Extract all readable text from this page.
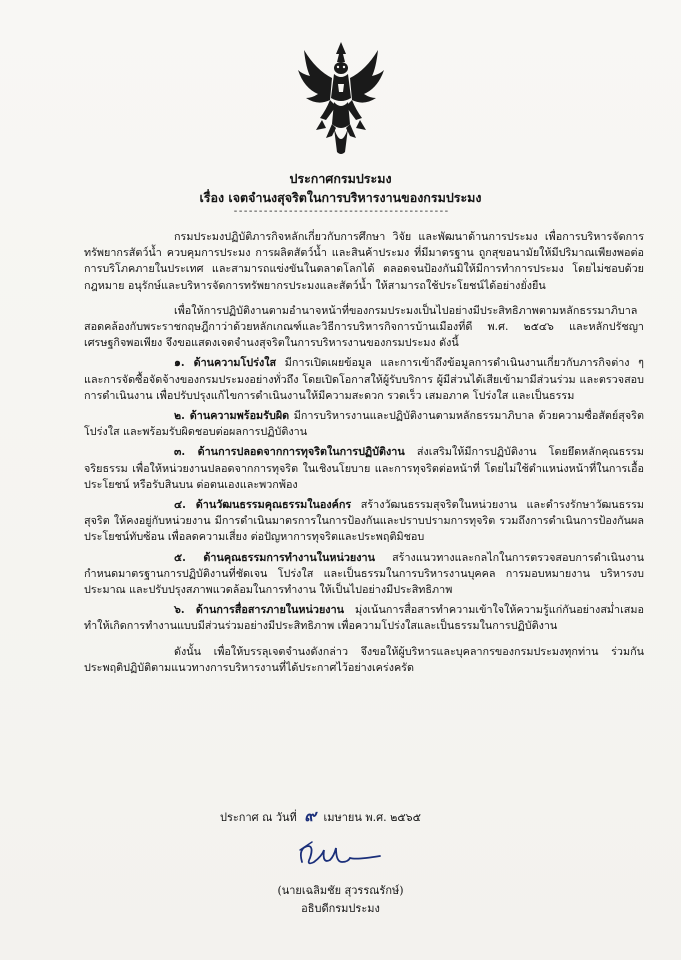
ประกาศกรมประมง
เรื่อง เจตจำนงสุจริตในการบริหารงานของกรมประมง
-------------------------------------------
กรมประมงปฏิบัติภารกิจหลักเกี่ยวกับการศึกษา วิจัย และพัฒนาด้านการประมง เพื่อการบริหารจัดการทรัพยากรสัตว์น้ำ ควบคุมการประมง การผลิตสัตว์น้ำ และสินค้าประมง ที่มีมาตรฐาน ถูกสุขอนามัยให้มีปริมาณเพียงพอต่อการบริโภคภายในประเทศ และสามารถแข่งขันในตลาดโลกได้ ตลอดจนป้องกันมิให้มีการทำการประมง โดยไม่ชอบด้วยกฎหมาย อนุรักษ์และบริหารจัดการทรัพยากรประมงและสัตว์น้ำ ให้สามารถใช้ประโยชน์ได้อย่างยั่งยืน
เพื่อให้การปฏิบัติงานตามอำนาจหน้าที่ของกรมประมงเป็นไปอย่างมีประสิทธิภาพตามหลักธรรมาภิบาล สอดคล้องกับพระราชกฤษฎีกาว่าด้วยหลักเกณฑ์และวิธีการบริหารกิจการบ้านเมืองที่ดี พ.ศ. ๒๕๔๖ และหลักปรัชญาเศรษฐกิจพอเพียง จึงขอแสดงเจตจำนงสุจริตในการบริหารงานของกรมประมง ดังนี้
๑. ด้านความโปร่งใส มีการเปิดเผยข้อมูล และการเข้าถึงข้อมูลการดำเนินงานเกี่ยวกับภารกิจต่าง ๆ และการจัดซื้อจัดจ้างของกรมประมงอย่างทั่วถึง โดยเปิดโอกาสให้ผู้รับบริการ ผู้มีส่วนได้เสียเข้ามามีส่วนร่วม และตรวจสอบการดำเนินงาน เพื่อปรับปรุงแก้ไขการดำเนินงานให้มีความสะดวก รวดเร็ว เสมอภาค โปร่งใส และเป็นธรรม
๒. ด้านความพร้อมรับผิด มีการบริหารงานและปฏิบัติงานตามหลักธรรมาภิบาล ด้วยความซื่อสัตย์สุจริต โปร่งใส และพร้อมรับผิดชอบต่อผลการปฏิบัติงาน
๓. ด้านการปลอดจากการทุจริตในการปฏิบัติงาน ส่งเสริมให้มีการปฏิบัติงาน โดยยึดหลักคุณธรรม จริยธรรม เพื่อให้หน่วยงานปลอดจากการทุจริต ในเชิงนโยบาย และการทุจริตต่อหน้าที่ โดยไม่ใช้ตำแหน่งหน้าที่ในการเอื้อประโยชน์ หรือรับสินบน ต่อตนเองและพวกพ้อง
๔. ด้านวัฒนธรรมคุณธรรมในองค์กร สร้างวัฒนธรรมสุจริตในหน่วยงาน และดำรงรักษาวัฒนธรรมสุจริต ให้คงอยู่กับหน่วยงาน มีการดำเนินมาตรการในการป้องกันและปราบปรามการทุจริต รวมถึงการดำเนินการป้องกันผลประโยชน์ทับซ้อน เพื่อลดความเสี่ยง ต่อปัญหาการทุจริตและประพฤติมิชอบ
๕. ด้านคุณธรรมการทำงานในหน่วยงาน สร้างแนวทางและกลไกในการตรวจสอบการดำเนินงาน กำหนดมาตรฐานการปฏิบัติงานที่ชัดเจน โปร่งใส และเป็นธรรมในการบริหารงานบุคคล การมอบหมายงาน บริหารงบประมาณ และปรับปรุงสภาพแวดล้อมในการทำงาน ให้เป็นไปอย่างมีประสิทธิภาพ
๖. ด้านการสื่อสารภายในหน่วยงาน มุ่งเน้นการสื่อสารทำความเข้าใจให้ความรู้แก่กันอย่างสม่ำเสมอ ทำให้เกิดการทำงานแบบมีส่วนร่วมอย่างมีประสิทธิภาพ เพื่อความโปร่งใสและเป็นธรรมในการปฏิบัติงาน
ดังนั้น เพื่อให้บรรลุเจตจำนงดังกล่าว จึงขอให้ผู้บริหารและบุคลากรของกรมประมงทุกท่าน ร่วมกันประพฤติปฏิบัติตามแนวทางการบริหารงานที่ได้ประกาศไว้อย่างเคร่งครัด
ประกาศ ณ วันที่ ๙ เมษายน พ.ศ. ๒๕๖๕
(นายเฉลิมชัย สุวรรณรักษ์)
อธิบดีกรมประมง
